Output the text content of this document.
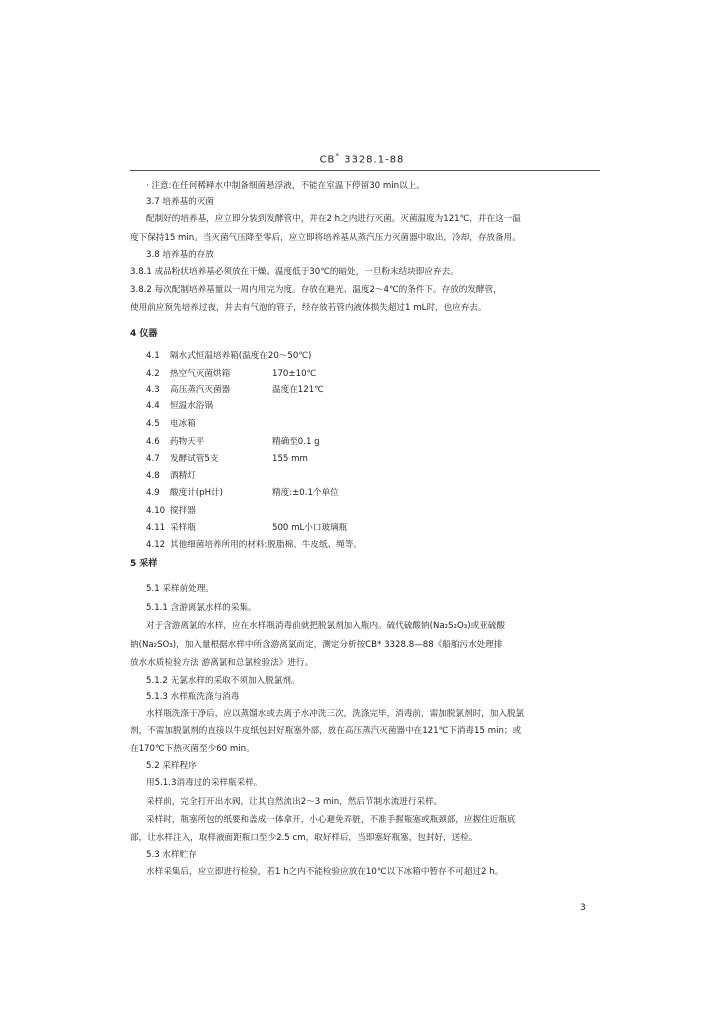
CB* 3328.1-88
· 注意:在任何稀释水中制备细菌悬浮液，不能在室温下停留30 min以上。
3.7 培养基的灭菌
配制好的培养基，应立即分装到发酵管中，并在2 h之内进行灭菌。灭菌温度为121℃，并在这一温
度下保持15 min。当灭菌气压降至零后，应立即将培养基从蒸汽压力灭菌器中取出，冷却，存放备用。
3.8 培养基的存放
3.8.1 成品粉状培养基必须放在干燥、温度低于30℃的暗处，一旦粉末结块即应弃去。
3.8.2 每次配制培养基量以一周内用完为度。存放在避光、温度2～4℃的条件下。存放的发酵管，
使用前应预先培养过夜，并去有气泡的管子，经存放若管内液体损失超过1 mL时，也应弃去。
4 仪器
4.1 隔水式恒温培养箱(温度在20～50℃)
4.2 热空气灭菌烘箱	170±10℃
4.3 高压蒸汽灭菌器	温度在121℃
4.4 恒温水浴锅
4.5 电冰箱
4.6 药物天平	精确至0.1 g
4.7 发酵试管5支	155 mm
4.8 酒精灯
4.9 酸度计(pH计)	精度:±0.1个单位
4.10 搅拌器
4.11 采样瓶	500 mL小口玻璃瓶
4.12 其他细菌培养所用的材料:脱脂棉、牛皮纸、绳等。
5 采样
5.1 采样前处理。
5.1.1 含游离氯水样的采集。
对于含游离氯的水样，应在水样瓶消毒前就把脱氯剂加入瓶内。硫代硫酸钠(Na₂S₂O₃)或亚硫酸
钠(Na₂SO₃)，加入量根据水样中所含游离氯而定，测定分析按CB* 3328.8—88《船舶污水处理排
放水水质检验方法 游离氯和总氯检验法》进行。
5.1.2 无氯水样的采取不须加入脱氯剂。
5.1.3 水样瓶洗涤与消毒
水样瓶洗涤干净后，应以蒸馏水或去离子水冲洗三次，洗涤完毕，消毒前，需加脱氯剂时，加入脱氯
剂，不需加脱氯剂的直接以牛皮纸包封好瓶塞外部，放在高压蒸汽灭菌器中在121℃下消毒15 min；或
在170℃下热灭菌至少60 min。
5.2 采样程序
用5.1.3消毒过的采样瓶采样。
采样前，完全打开出水阀，让其自然流出2～3 min，然后节制水流进行采样。
采样时，瓶塞所包的纸要和盖成一体拿开，小心避免弄脏，不准手握瓶塞或瓶颈部，应握住近瓶底
部，让水样注入，取样液面距瓶口至少2.5 cm，取好样后，当即塞好瓶塞，包封好，送检。
5.3 水样贮存
水样采集后，应立即进行检验，若1 h之内不能检验应放在10℃以下冰箱中暂存不可超过2 h。
3
